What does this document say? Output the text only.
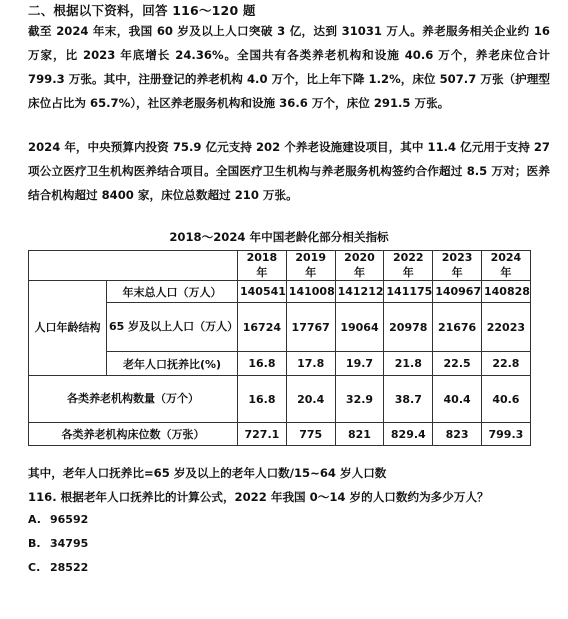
二、根据以下资料，回答 116～120 题
截至 2024 年末，我国 60 岁及以上人口突破 3 亿，达到 31031 万人。养老服务相关企业约 16 万家，比 2023 年底增长 24.36%。全国共有各类养老机构和设施 40.6 万个，养老床位合计 799.3 万张。其中，注册登记的养老机构 4.0 万个，比上年下降 1.2%，床位 507.7 万张（护理型床位占比为 65.7%），社区养老服务机构和设施 36.6 万个，床位 291.5 万张。
2024 年，中央预算内投资 75.9 亿元支持 202 个养老设施建设项目，其中 11.4 亿元用于支持 27 项公立医疗卫生机构医养结合项目。全国医疗卫生机构与养老服务机构签约合作超过 8.5 万对；医养结合机构超过 8400 家，床位总数超过 210 万张。
2018～2024 年中国老龄化部分相关指标
		2018 年	2019 年	2020 年	2022 年	2023 年	2024 年
人口年龄结构	年末总人口（万人）	140541	141008	141212	141175	140967	140828
	65 岁及以上人口（万人）	16724	17767	19064	20978	21676	22023
	老年人口抚养比(%)	16.8	17.8	19.7	21.8	22.5	22.8
各类养老机构数量（万个）		16.8	20.4	32.9	38.7	40.4	40.6
各类养老机构床位数（万张）		727.1	775	821	829.4	823	799.3
其中，老年人口抚养比=65 岁及以上的老年人口数/15~64 岁人口数
116. 根据老年人口抚养比的计算公式，2022 年我国 0～14 岁的人口数约为多少万人？
A. 96592
B. 34795
C. 28522
